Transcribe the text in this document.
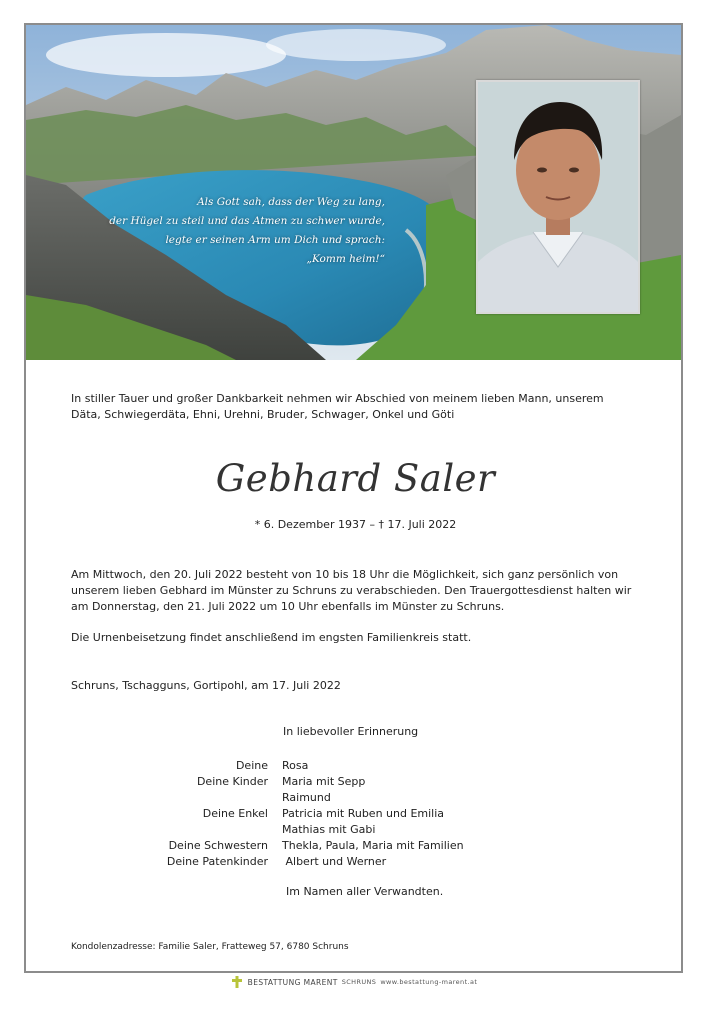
Als Gott sah, dass der Weg zu lang,
der Hügel zu steil und das Atmen zu schwer wurde,
legte er seinen Arm um Dich und sprach:
„Komm heim!“
In stiller Tauer und großer Dankbarkeit nehmen wir Abschied von meinem lieben Mann, unserem Däta, Schwiegerdäta, Ehni, Urehni, Bruder, Schwager, Onkel und Göti
Gebhard Saler
* 6. Dezember 1937 – † 17. Juli 2022
Am Mittwoch, den 20. Juli 2022 besteht von 10 bis 18 Uhr die Möglichkeit, sich ganz persönlich von unserem lieben Gebhard im Münster zu Schruns zu verabschieden. Den Trauergottesdienst halten wir am Donnerstag, den 21. Juli 2022 um 10 Uhr ebenfalls im Münster zu Schruns.
Die Urnenbeisetzung findet anschließend im engsten Familienkreis statt.
Schruns, Tschagguns, Gortipohl, am 17. Juli 2022
In liebevoller Erinnerung
Deine
Deine Kinder
Deine Enkel
Deine Schwestern
Deine Patenkinder
Rosa
Maria mit Sepp
Raimund
Patricia mit Ruben und Emilia
Mathias mit Gabi
Thekla, Paula, Maria mit Familien
Albert und Werner
Im Namen aller Verwandten.
Kondolenzadresse: Familie Saler, Fratteweg 57, 6780 Schruns
BESTATTUNG MARENT SCHRUNS www.bestattung-marent.at
